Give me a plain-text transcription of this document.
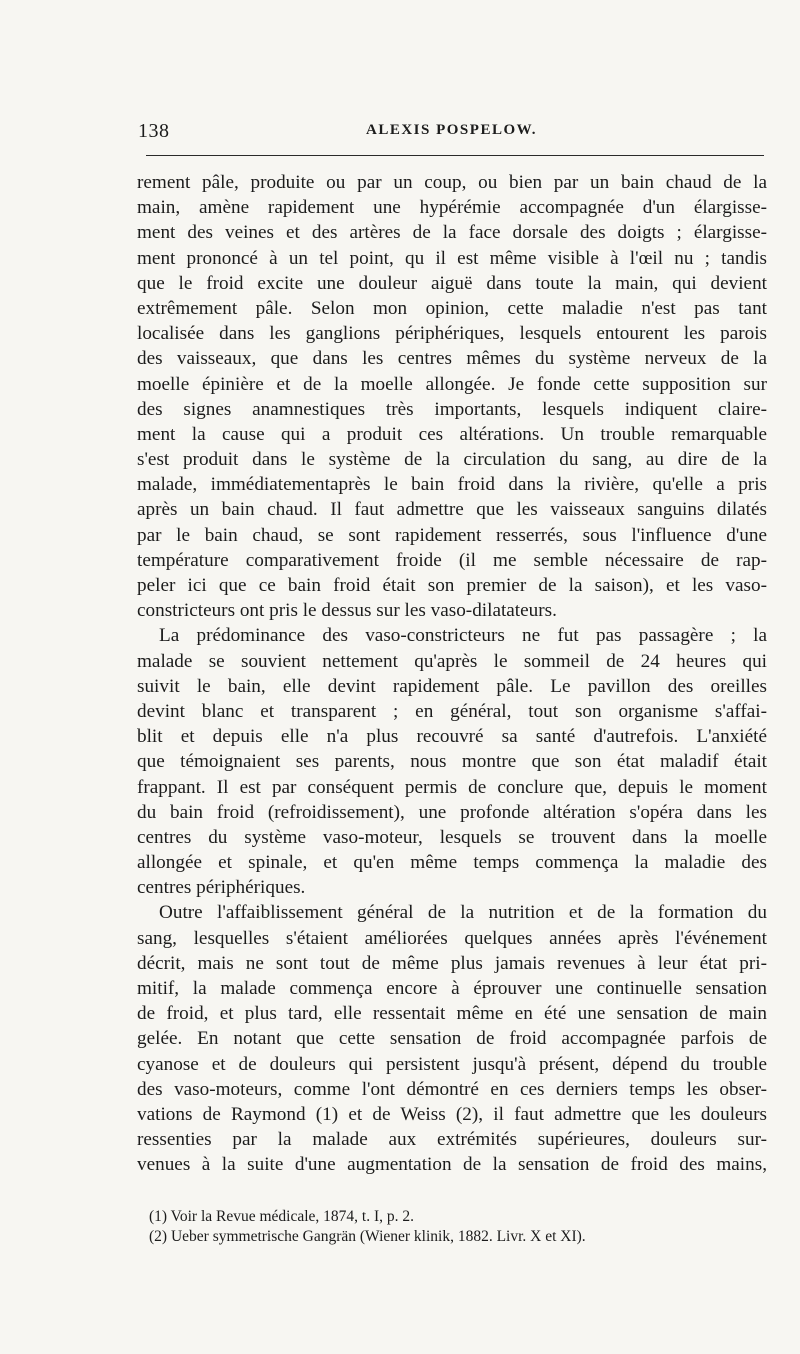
138	ALEXIS POSPELOW.
rement pâle, produite ou par un coup, ou bien par un bain chaud de la
main, amène rapidement une hypérémie accompagnée d'un élargisse-
ment des veines et des artères de la face dorsale des doigts ; élargisse-
ment prononcé à un tel point, qu il est même visible à l'œil nu ; tandis
que le froid excite une douleur aiguë dans toute la main, qui devient
extrêmement pâle. Selon mon opinion, cette maladie n'est pas tant
localisée dans les ganglions périphériques, lesquels entourent les parois
des vaisseaux, que dans les centres mêmes du système nerveux de la
moelle épinière et de la moelle allongée. Je fonde cette supposition sur
des signes anamnestiques très importants, lesquels indiquent claire-
ment la cause qui a produit ces altérations. Un trouble remarquable
s'est produit dans le système de la circulation du sang, au dire de la
malade, immédiatementaprès le bain froid dans la rivière, qu'elle a pris
après un bain chaud. Il faut admettre que les vaisseaux sanguins dilatés
par le bain chaud, se sont rapidement resserrés, sous l'influence d'une
température comparativement froide (il me semble nécessaire de rap-
peler ici que ce bain froid était son premier de la saison), et les vaso-
constricteurs ont pris le dessus sur les vaso-dilatateurs.
La prédominance des vaso-constricteurs ne fut pas passagère ; la
malade se souvient nettement qu'après le sommeil de 24 heures qui
suivit le bain, elle devint rapidement pâle. Le pavillon des oreilles
devint blanc et transparent ; en général, tout son organisme s'affai-
blit et depuis elle n'a plus recouvré sa santé d'autrefois. L'anxiété
que témoignaient ses parents, nous montre que son état maladif était
frappant. Il est par conséquent permis de conclure que, depuis le moment
du bain froid (refroidissement), une profonde altération s'opéra dans les
centres du système vaso-moteur, lesquels se trouvent dans la moelle
allongée et spinale, et qu'en même temps commença la maladie des
centres périphériques.
Outre l'affaiblissement général de la nutrition et de la formation du
sang, lesquelles s'étaient améliorées quelques années après l'événement
décrit, mais ne sont tout de même plus jamais revenues à leur état pri-
mitif, la malade commença encore à éprouver une continuelle sensation
de froid, et plus tard, elle ressentait même en été une sensation de main
gelée. En notant que cette sensation de froid accompagnée parfois de
cyanose et de douleurs qui persistent jusqu'à présent, dépend du trouble
des vaso-moteurs, comme l'ont démontré en ces derniers temps les obser-
vations de Raymond (1) et de Weiss (2), il faut admettre que les douleurs
ressenties par la malade aux extrémités supérieures, douleurs sur-
venues à la suite d'une augmentation de la sensation de froid des mains,
(1) Voir la Revue médicale, 1874, t. I, p. 2.
(2) Ueber symmetrische Gangrän (Wiener klinik, 1882. Livr. X et XI).
